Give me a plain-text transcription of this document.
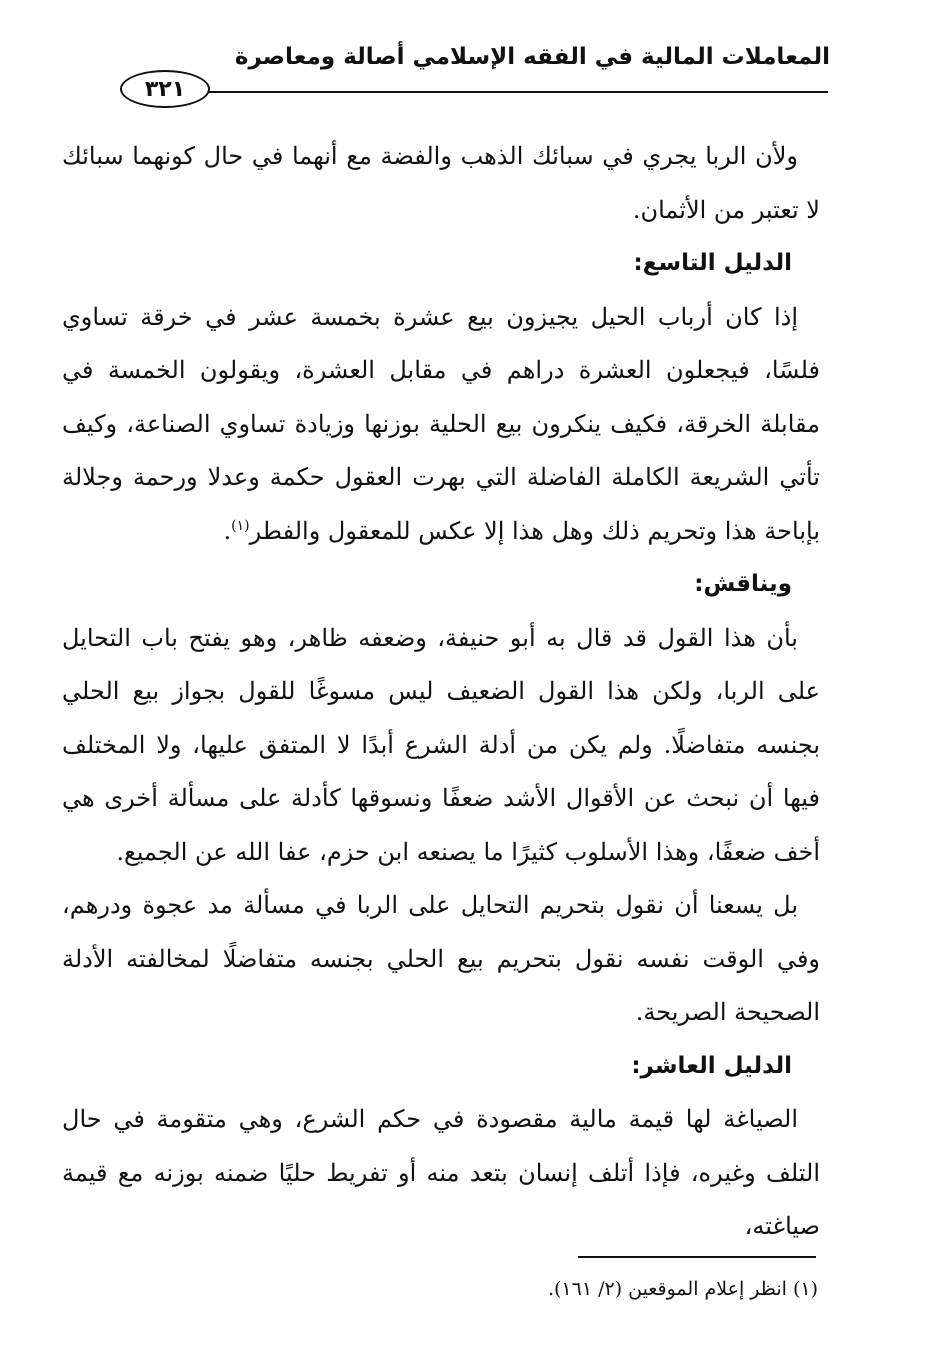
المعاملات المالية في الفقه الإسلامي أصالة ومعاصرة
٣٢١

ولأن الربا يجري في سبائك الذهب والفضة مع أنهما في حال كونهما سبائك لا تعتبر من الأثمان.

الدليل التاسع:

إذا كان أرباب الحيل يجيزون بيع عشرة بخمسة عشر في خرقة تساوي فلسًا، فيجعلون العشرة دراهم في مقابل العشرة، ويقولون الخمسة في مقابلة الخرقة، فكيف ينكرون بيع الحلية بوزنها وزيادة تساوي الصناعة، وكيف تأتي الشريعة الكاملة الفاضلة التي بهرت العقول حكمة وعدلا ورحمة وجلالة بإباحة هذا وتحريم ذلك وهل هذا إلا عكس للمعقول والفطر$^{(١)}$.

ويناقش:

بأن هذا القول قد قال به أبو حنيفة، وضعفه ظاهر، وهو يفتح باب التحايل على الربا، ولكن هذا القول الضعيف ليس مسوغًا للقول بجواز بيع الحلي بجنسه متفاضلًا. ولم يكن من أدلة الشرع أبدًا لا المتفق عليها، ولا المختلف فيها أن نبحث عن الأقوال الأشد ضعفًا ونسوقها كأدلة على مسألة أخرى هي أخف ضعفًا، وهذا الأسلوب كثيرًا ما يصنعه ابن حزم، عفا الله عن الجميع.

بل يسعنا أن نقول بتحريم التحايل على الربا في مسألة مد عجوة ودرهم، وفي الوقت نفسه نقول بتحريم بيع الحلي بجنسه متفاضلًا لمخالفته الأدلة الصحيحة الصريحة.

الدليل العاشر:

الصياغة لها قيمة مالية مقصودة في حكم الشرع، وهي متقومة في حال التلف وغيره، فإذا أتلف إنسان بتعد منه أو تفريط حليًا ضمنه بوزنه مع قيمة صياغته،

(١) انظر إعلام الموقعين (٢/ ١٦١).
